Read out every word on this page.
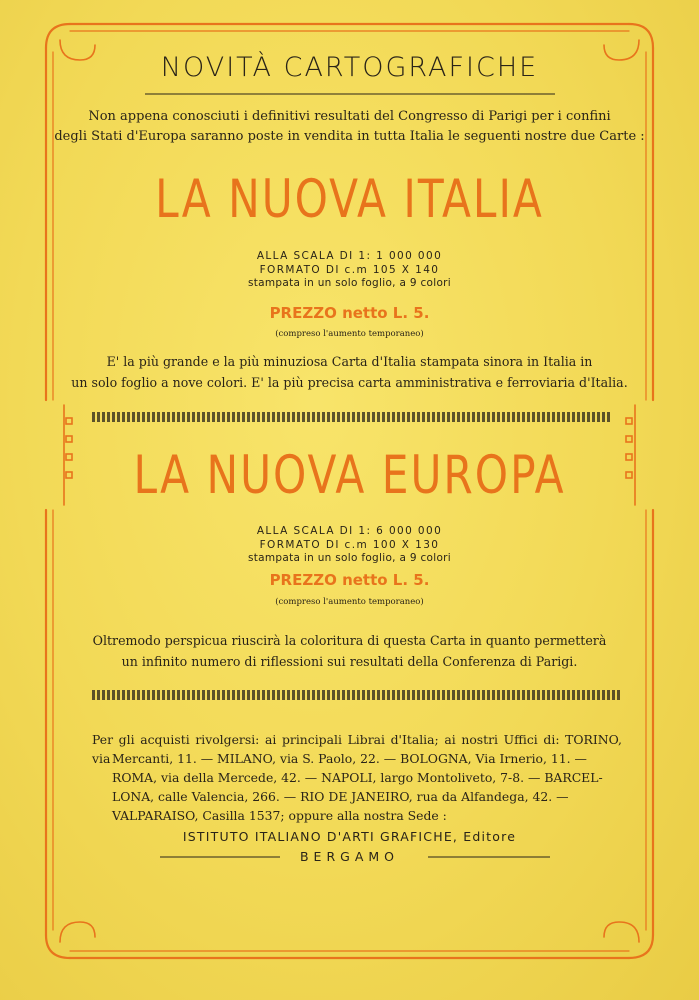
NOVITÀ CARTOGRAFICHE
Non appena conosciuti i definitivi resultati del Congresso di Parigi per i confini
degli Stati d'Europa saranno poste in vendita in tutta Italia le seguenti nostre due Carte :
LA NUOVA ITALIA
ALLA SCALA DI 1: 1 000 000
FORMATO DI c.m 105 X 140
stampata in un solo foglio, a 9 colori
PREZZO netto L. 5.
(compreso l'aumento temporaneo)
E' la più grande e la più minuziosa Carta d'Italia stampata sinora in Italia in
un solo foglio a nove colori. E' la più precisa carta amministrativa e ferroviaria d'Italia.
LA NUOVA EUROPA
ALLA SCALA DI 1: 6 000 000
FORMATO DI c.m 100 X 130
stampata in un solo foglio, a 9 colori
PREZZO netto L. 5.
(compreso l'aumento temporaneo)
Oltremodo perspicua riuscirà la coloritura di questa Carta in quanto permetterà
un infinito numero di riflessioni sui resultati della Conferenza di Parigi.
Per gli acquisti rivolgersi: ai principali Librai d'Italia; ai nostri Uffici di: TORINO, via Mercanti, 11. — MILANO, via S. Paolo, 22. — BOLOGNA, Via Irnerio, 11. —
ROMA, via della Mercede, 42. — NAPOLI, largo Montoliveto, 7-8. — BARCEL-
LONA, calle Valencia, 266. — RIO DE JANEIRO, rua da Alfandega, 42. —
VALPARAISO, Casilla 1537; oppure alla nostra Sede :
ISTITUTO ITALIANO D'ARTI GRAFICHE, Editore
BERGAMO
